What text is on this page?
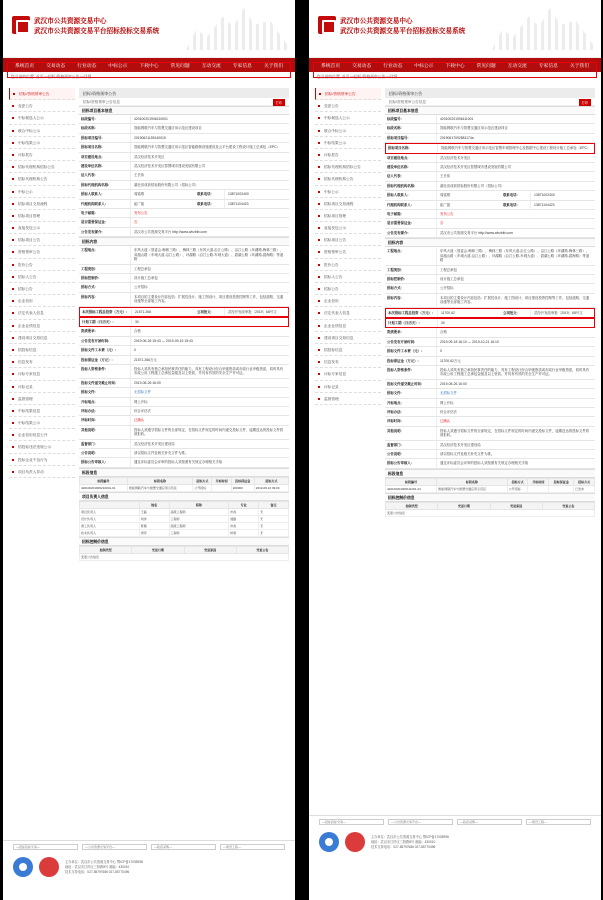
武汉市公共资源交易中心
武汉市公共资源交易平台招标投标交易系统
系统首页 交易动态 行业动态 中标公示 下载中心 常见问题 互动交流 专家信息 关于我们
您当前的位置: 首页>>招标/资格预审公告>>详情
招标/资格预审公告
变更公告
中标候选人公示
联合中标公示
中标结果公示
评标报告
招标代理机构招标公告
招标代理机构公告
中标公示
招标项目交易流程
招标项目管理
直接发包公示
招标项目公告
资格预审公告
报价公告
招标人公告
招标公告
企业信用
法定代表人信息
企业业绩信息
建设项目交易信息
招投标信息
信息发布
评标专家信息
评标记录
监督管理
中标结果信息
中标结果公示
企业信用信息公开
招投标违法违规公示
投标企业不良行为
项目负责人异动
招标/资格预审公告
招标/资格预审公告信息	打印
招标项目基本信息
标段编号:	420100201906210001
标段名称:	智能网联汽车与智慧交通应用示范区建设项目
招标项目编号:	20190621159140015
招标项目名称:	智能网联汽车与智慧交通应用示范区智能路侧设施建设及云平台建设工程设计施工总承包（EPC）
项目建设地点:	武汉经济技术开发区
建设单位名称:	武汉经济技术开发区智慧城市建设发展有限公司
法人代表:	王长伟
招标代理机构名称:	湖北省成套招标股份有限公司（招标公司）
招标人联系人:	周铭维	联系电话:	13871002400
代理机构联系人:	崔广振	联系电话:	13871104423
电子邮箱:	发布公告
是否需要保证金:	否
公告发布媒介:	武汉市公共资源交易平台 http://www.whzbtb.com
招标内容
工程地点:	东风大道（管委会-梅林三路）、梅林三路（东风大道-沿江公路）、沿江公路（环湖路-梅林三路）、凤凰山路（车城大道-沿江公路）、环湖路（沿江公路-车城大道）、碧湖公路（环湖路-碧海路）等道路
工程类别:	工程总承包
招标控制价:	设计施工总承包
招标方式:	公开招标
招标内容:	本项目的主要设计内容包括：扩展性设计、施工图设计、项目建设投资控制等工作，包括道路、交通设施等全部施工内容。
本次招标工程总投资（万元）:	21571.266	立项批文:	武经开发改审批〔2019〕68号文
计划工期（日历天）:	30
资质要求:	合格
公告发布开始时间:	2019-06-26 15:43 — 2019-09-15 15:43
招标文件工本费（元）:	0
投标保证金（万元）:	21571.266万元
投标人资格条件:	投标人须具有独立承担民事责任的能力，具有工程设计综合甲级资质或市政行业甲级资质，同时具有市政公用工程施工总承包壹级及以上资质，并具有有效的安全生产许可证。
投标文件递交截止时间:	2019-08-26 16:00
招标文件:	无招标文件
开标地点:	网上开标
评标办法:	综合评估法
评标时间:	已确认
其他说明:	投标人须遵守招标文件的全部规定，在招标文件规定的时间内递交投标文件，逾期送达的投标文件将被拒收。
监督部门:	武汉经济技术开发区建设局
公告说明:	请以招标文件及相关补充文件为准。
招标公告审核人:	通过评标委员会评审的投标人须按照有关规定办理相关手续
标段信息
标段编号	标段名称	招标方式	开标时间	投标保证金	招标方式
420100201906210001-01	智能网联汽车与智慧交通应用示范区	公开招标		200000	2019-09-16 09:00
项目负责人信息
	姓名	职称	专业	备注
项目负责人	王磊	高级工程师	市政	无
设计负责人	刘洋	工程师	道路	无
施工负责人	陈刚	高级工程师	市政	无
技术负责人	周军	工程师	桥梁	无
招标控制价信息
控制类型	变更日期	变更原因	变更公告
变更公告信息
—招标投标交易—	—公共资源交易平台—	—政府采购—	—建设工程—
主办单位：武汉市公共资源交易中心 鄂ICP备17035998
地址：武汉市江岸区三阳路8号 邮编：430010
技术支持电话：027-85797686 027-85770496
武汉市公共资源交易中心
武汉市公共资源交易平台招标投标交易系统
系统首页 交易动态 行业动态 中标公示 下载中心 常见问题 互动交流 专家信息 关于我们
您当前的位置: 首页>>招标/资格预审公告>>详情
招标/资格预审公告
变更公告
中标候选人公示
联合中标公示
中标结果公示
评标报告
招标代理机构招标公告
招标代理机构公告
中标公示
招标项目交易流程
招标项目管理
直接发包公示
招标项目公告
资格预审公告
报价公告
招标人公告
招标公告
企业信用
法定代表人信息
企业业绩信息
建设项目交易信息
招投标信息
信息发布
评标专家信息
评标记录
监督管理
招标/资格预审公告
招标/资格预审公告信息	打印
招标项目基本信息
标段编号:	420100201906111001
标段名称:	智能网联汽车与智慧交通应用示范区建设项目
招标项目编号:	20190617092881174a
招标项目名称:	智能网联汽车与智慧交通应用示范区智慧车城管理中心及数据中心建设工程设计施工总承包（EPC）
项目建设地点:	武汉经济技术开发区
建设单位名称:	武汉经济技术开发区智慧城市建设发展有限公司
法人代表:	王长伟
招标代理机构名称:	湖北省成套招标股份有限公司（招标公司）
招标人联系人:	周铭维	联系电话:	13871002400
代理机构联系人:	崔广振	联系电话:	13871104423
电子邮箱:	发布公告
是否需要保证金:	否
公告发布媒介:	武汉市公共资源交易平台 http://www.whzbtb.com
招标内容
工程地点:	东风大道（管委会-梅林三路）、梅林三路（东风大道-沿江公路）、沿江公路（环湖路-梅林三路）、凤凰山路（车城大道-沿江公路）、环湖路（沿江公路-车城大道）、碧湖公路（环湖路-碧海路）等道路
工程类别:	工程总承包
招标控制价:	设计施工总承包
招标方式:	公开招标
招标内容:	本项目的主要设计内容包括：扩展性设计、施工图设计、项目建设投资控制等工作，包括道路、交通设施等全部施工内容。
本次招标工程总投资（万元）:	11700.62	立项批文:	武经开发改审批〔2019〕68号文
计划工期（日历天）:	30
资质要求:	合格
公告发布开始时间:	2019-09-18 16:10 — 2019-10-21 16:10
招标文件工本费（元）:	0
投标保证金（万元）:	11700.62万元
投标人资格条件:	投标人须具有独立承担民事责任的能力，具有工程设计综合甲级资质或市政行业甲级资质，同时具有市政公用工程施工总承包壹级及以上资质，并具有有效的安全生产许可证。
投标文件递交截止时间:	2019-08-26 16:00
招标文件:	无招标文件
开标地点:	网上开标
评标办法:	综合评估法
评标时间:	已确认
其他说明:	投标人须遵守招标文件的全部规定，在招标文件规定的时间内递交投标文件，逾期送达的投标文件将被拒收。
监督部门:	武汉经济技术开发区建设局
公告说明:	请以招标文件及相关补充文件为准。
招标公告审核人:	通过评标委员会评审的投标人须按照有关规定办理相关手续
标段信息
标段编号	标段名称	招标方式	开标时间	投标保证金	招标方式
420100201906111001-01	智能网联汽车与智慧交通应用示范区	公开招标			已发布
招标控制价信息
控制类型	变更日期	变更原因	变更公告
变更公告信息
—招标投标交易—	—公共资源交易平台—	—政府采购—	—建设工程—
主办单位：武汉市公共资源交易中心 鄂ICP备17035998
地址：武汉市江岸区三阳路8号 邮编：430010
技术支持电话：027-85797686 027-85770496
